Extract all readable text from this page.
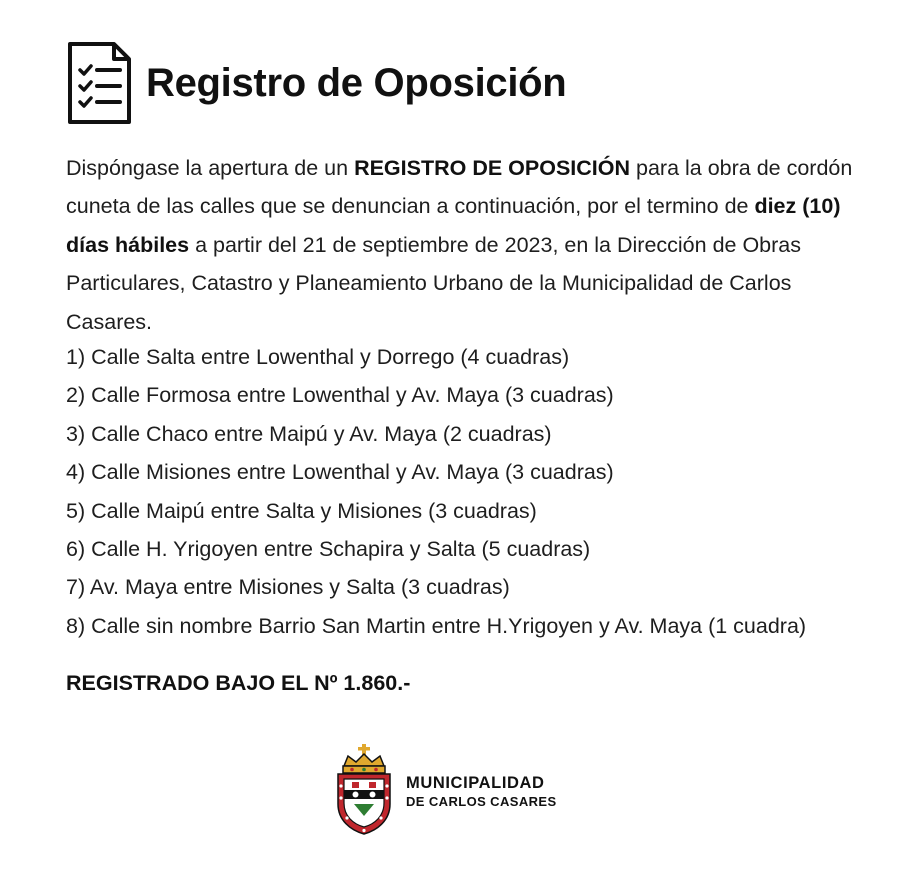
Registro de Oposición

Dispóngase la apertura de un REGISTRO DE OPOSICIÓN para la obra de cordón cuneta de las calles que se denuncian a continuación, por el termino de diez (10) días hábiles a partir del 21 de septiembre de 2023, en la Dirección de Obras Particulares, Catastro y Planeamiento Urbano de la Municipalidad de Carlos Casares.

1) Calle Salta entre Lowenthal y Dorrego (4 cuadras)
2) Calle Formosa entre Lowenthal y Av. Maya (3 cuadras)
3) Calle Chaco entre Maipú y Av. Maya (2 cuadras)
4) Calle Misiones entre Lowenthal y Av. Maya (3 cuadras)
5) Calle Maipú entre Salta y Misiones (3 cuadras)
6) Calle H. Yrigoyen entre Schapira y Salta (5 cuadras)
7) Av. Maya entre Misiones y Salta (3 cuadras)
8) Calle sin nombre Barrio San Martin entre H.Yrigoyen y Av. Maya (1 cuadra)
REGISTRADO BAJO EL Nº 1.860.-
MUNICIPALIDAD
DE CARLOS CASARES
